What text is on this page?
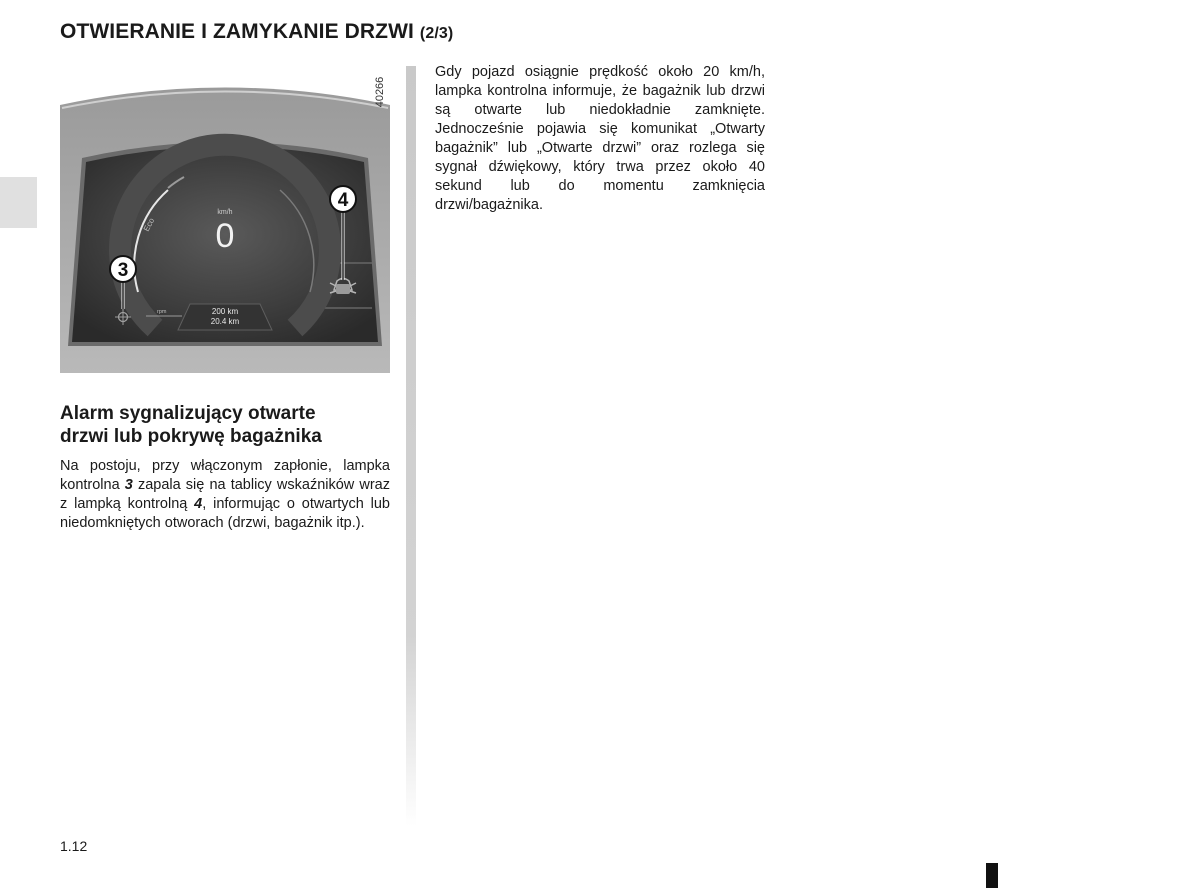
OTWIERANIE I ZAMYKANIE DRZWI (2/3)
km/h
0
Eco
rpm	200 km
20.4 km
3
4
40266
Alarm sygnalizujący otwarte
drzwi lub pokrywę bagażnika
Na postoju, przy włączonym zapłonie, lampka kontrolna 3 zapala się na tablicy wskaźników wraz z lampką kontrolną 4, informując o otwartych lub niedomkniętych otworach (drzwi, bagażnik itp.).
Gdy pojazd osiągnie prędkość około 20 km/h, lampka kontrolna informuje, że bagażnik lub drzwi są otwarte lub niedokładnie zamknięte. Jednocześnie pojawia się komunikat „Otwarty bagażnik” lub „Otwarte drzwi” oraz rozlega się sygnał dźwiękowy, który trwa przez około 40 sekund lub do momentu zamknięcia drzwi/bagażnika.
1.12
